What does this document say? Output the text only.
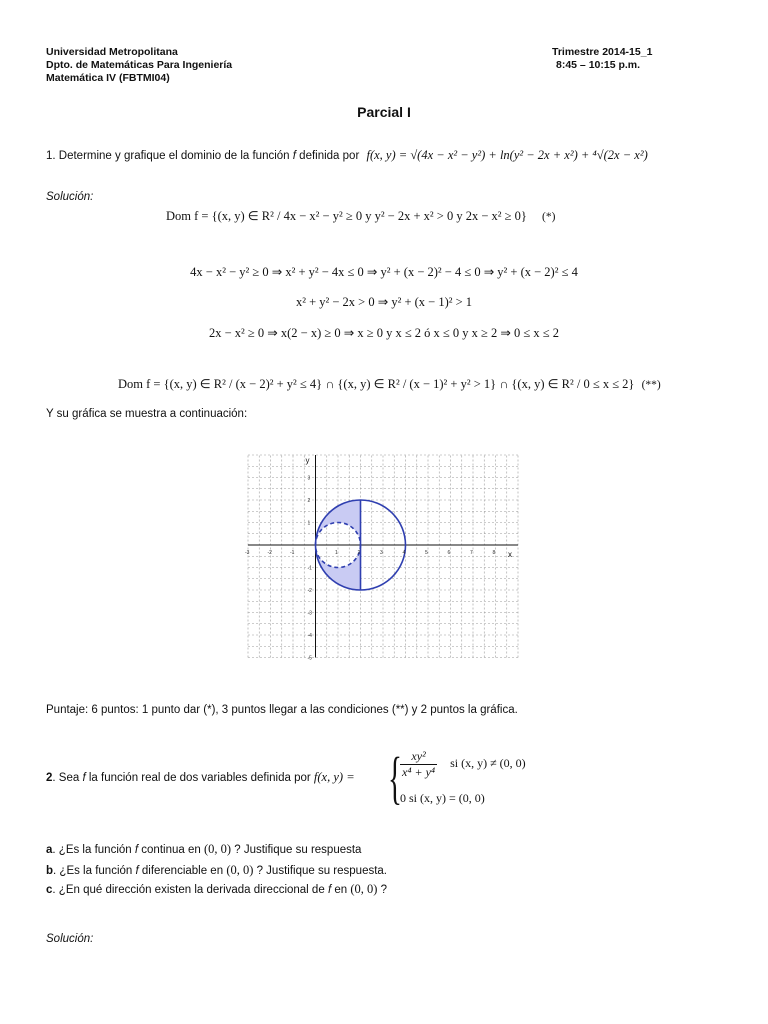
Universidad Metropolitana
Dpto. de Matemáticas Para Ingeniería
Matemática IV (FBTMI04)
Trimestre 2014-15_1
8:45 – 10:15 p.m.
Parcial I
1. Determine y grafique el dominio de la función f definida por f(x, y) = √(4x − x² − y²) + ln(y² − 2x + x²) + ⁴√(2x − x²)
Solución:
Dom f = {(x, y) ∈ R² / 4x − x² − y² ≥ 0 y y² − 2x + x² > 0 y 2x − x² ≥ 0} (*)
4x − x² − y² ≥ 0 ⇒ x² + y² − 4x ≤ 0 ⇒ y² + (x − 2)² − 4 ≤ 0 ⇒ y² + (x − 2)² ≤ 4
x² + y² − 2x > 0 ⇒ y² + (x − 1)² > 1
2x − x² ≥ 0 ⇒ x(2 − x) ≥ 0 ⇒ x ≥ 0 y x ≤ 2 ó x ≤ 0 y x ≥ 2 ⇒ 0 ≤ x ≤ 2
Dom f = {(x, y) ∈ R² / (x − 2)² + y² ≤ 4} ∩ {(x, y) ∈ R² / (x − 1)² + y² > 1} ∩ {(x, y) ∈ R² / 0 ≤ x ≤ 2} (**)
Y su gráfica se muestra a continuación:
-3	-2	-1	1	2	3	4	5	6	7	8
3
2
1
-1
-2
-3
-4
-5
x
y
Puntaje: 6 puntos: 1 punto dar (*), 3 puntos llegar a las condiciones (**) y 2 puntos la gráfica.
2. Sea f la función real de dos variables definida por f(x, y) = {
$\frac{\text{xy²}}{\text{x⁴ + y⁴}}$ si (x, y) ≠ (0, 0)
0 si (x, y) = (0, 0)
a. ¿Es la función f continua en (0, 0) ? Justifique su respuesta
b. ¿Es la función f diferenciable en (0, 0) ? Justifique su respuesta.
c. ¿En qué dirección existen la derivada direccional de f en (0, 0) ?
Solución:
